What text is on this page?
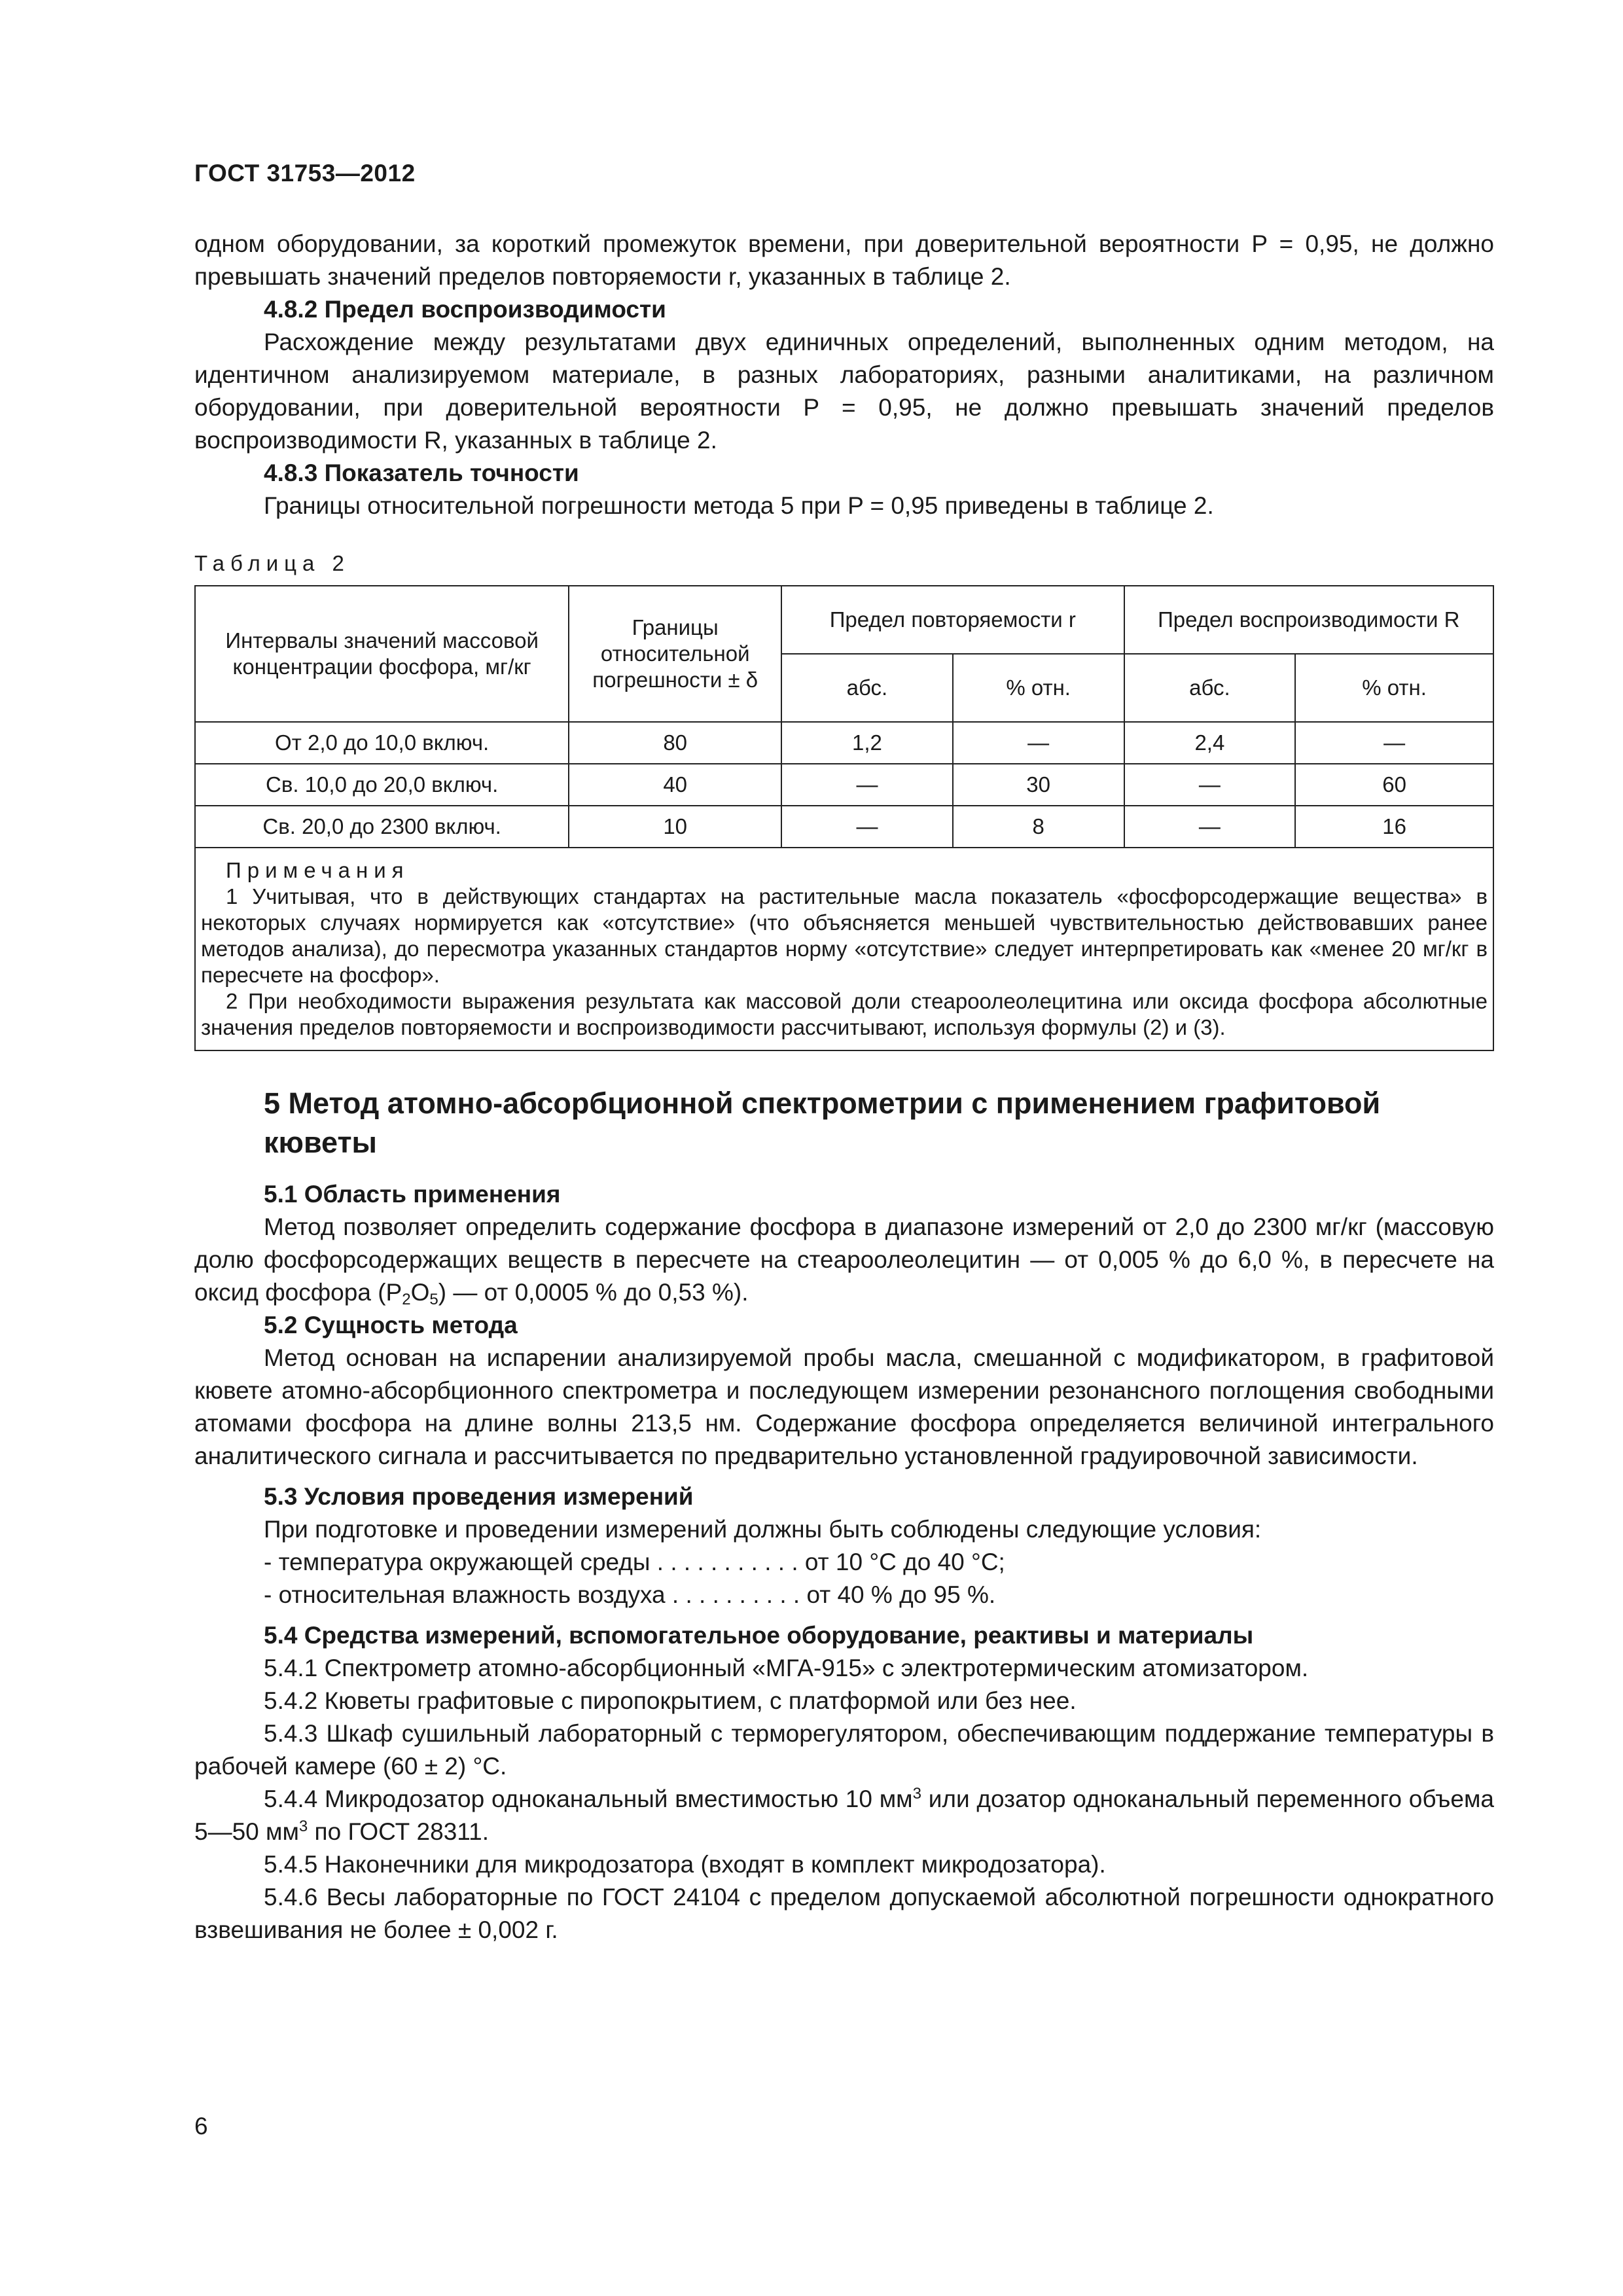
ГОСТ 31753—2012

одном оборудовании, за короткий промежуток времени, при доверительной вероятности P = 0,95, не должно превышать значений пределов повторяемости r, указанных в таблице 2.

4.8.2 Предел воспроизводимости

Расхождение между результатами двух единичных определений, выполненных одним методом, на идентичном анализируемом материале, в разных лабораториях, разными аналитиками, на различном оборудовании, при доверительной вероятности P = 0,95, не должно превышать значений пределов воспроизводимости R, указанных в таблице 2.

4.8.3 Показатель точности

Границы относительной погрешности метода 5 при P = 0,95 приведены в таблице 2.

Таблица 2
Интервалы значений массовой концентрации фосфора, мг/кг	Границы относительной погрешности ± δ	Предел повторяемости r		Предел воспроизводимости R	
		абс.	% отн.	абс.	% отн.
От 2,0 до 10,0 включ.	80	1,2	—	2,4	—
Св. 10,0 до 20,0 включ.	40	—	30	—	60
Св. 20,0 до 2300 включ.	10	—	8	—	16

Примечания

1 Учитывая, что в действующих стандартах на растительные масла показатель «фосфорсодержащие вещества» в некоторых случаях нормируется как «отсутствие» (что объясняется меньшей чувствительностью действовавших ранее методов анализа), до пересмотра указанных стандартов норму «отсутствие» следует интерпретировать как «менее 20 мг/кг в пересчете на фосфор».

2 При необходимости выражения результата как массовой доли стеароолеолецитина или оксида фосфора абсолютные значения пределов повторяемости и воспроизводимости рассчитывают, используя формулы (2) и (3).					

5 Метод атомно-абсорбционной спектрометрии с применением графитовой кюветы

5.1 Область применения

Метод позволяет определить содержание фосфора в диапазоне измерений от 2,0 до 2300 мг/кг (массовую долю фосфорсодержащих веществ в пересчете на стеароолеолецитин — от 0,005 % до 6,0 %, в пересчете на оксид фосфора $(P_2O_5)$ — от 0,0005 % до 0,53 %).

5.2 Сущность метода

Метод основан на испарении анализируемой пробы масла, смешанной с модификатором, в графитовой кювете атомно-абсорбционного спектрометра и последующем измерении резонансного поглощения свободными атомами фосфора на длине волны 213,5 нм. Содержание фосфора определяется величиной интегрального аналитического сигнала и рассчитывается по предварительно установленной градуировочной зависимости.

5.3 Условия проведения измерений

При подготовке и проведении измерений должны быть соблюдены следующие условия:

- температура окружающей среды . . . . . . . . . . . от 10 °С до 40 °С;
- относительная влажность воздуха . . . . . . . . . . от 40 % до 95 %.

5.4 Средства измерений, вспомогательное оборудование, реактивы и материалы

5.4.1 Спектрометр атомно-абсорбционный «МГА-915» с электротермическим атомизатором.

5.4.2 Кюветы графитовые с пиропокрытием, с платформой или без нее.

5.4.3 Шкаф сушильный лабораторный с терморегулятором, обеспечивающим поддержание температуры в рабочей камере (60 ± 2) °С.

5.4.4 Микродозатор одноканальный вместимостью 10 $мм^3$ или дозатор одноканальный переменного объема 5—50 $мм^3$ по ГОСТ 28311.

5.4.5 Наконечники для микродозатора (входят в комплект микродозатора).

5.4.6 Весы лабораторные по ГОСТ 24104 с пределом допускаемой абсолютной погрешности однократного взвешивания не более ± 0,002 г.

6
